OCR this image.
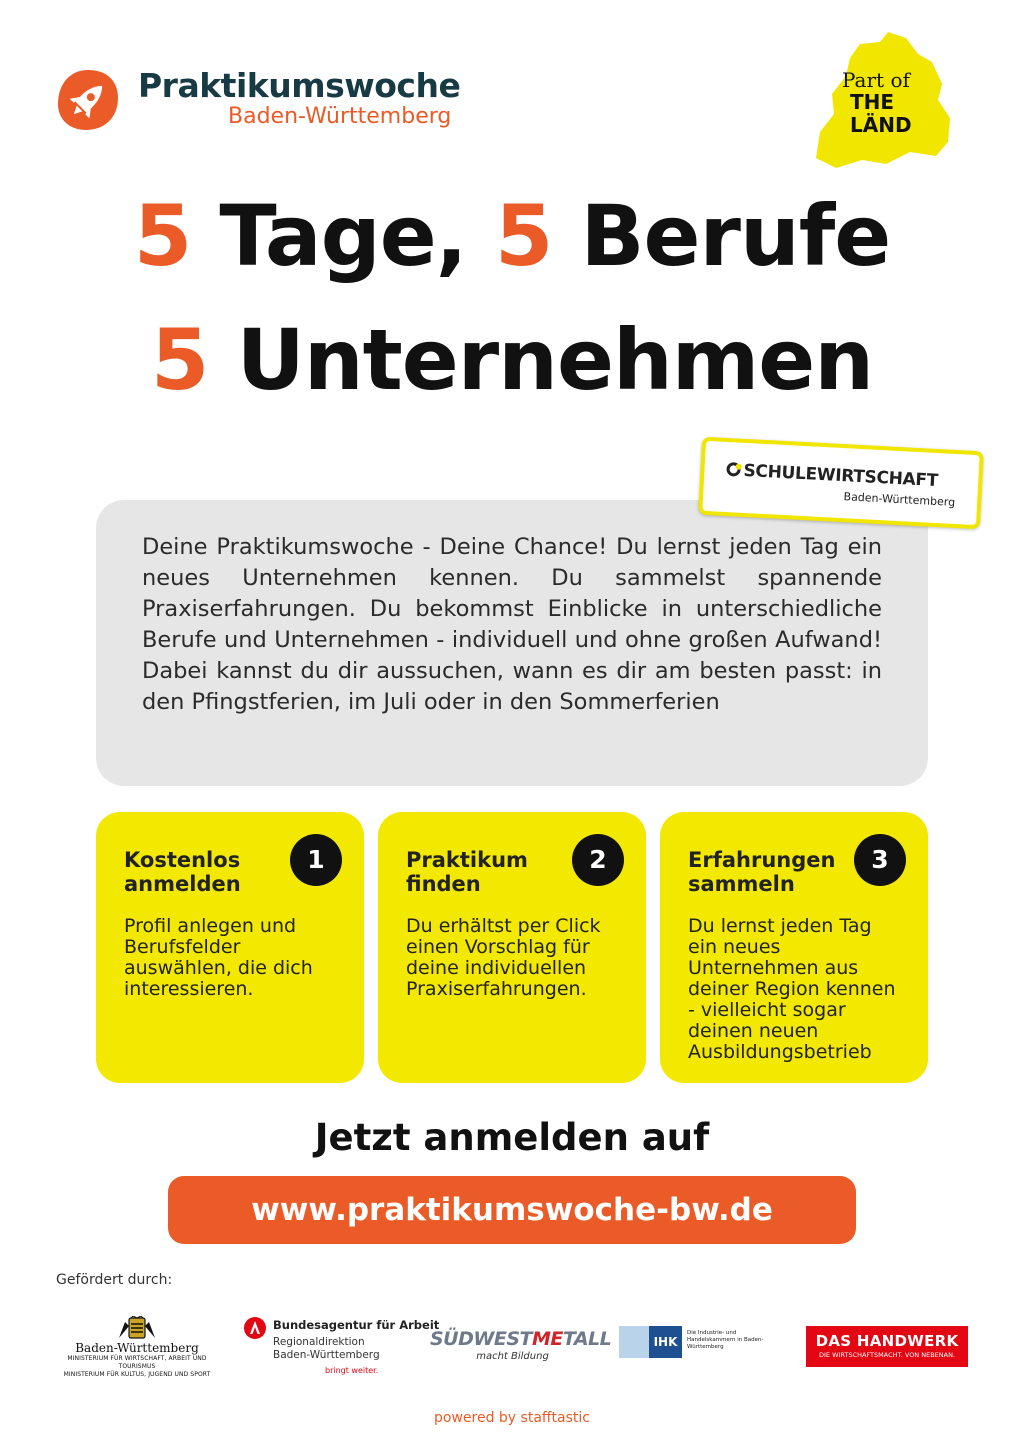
Praktikumswoche
Baden-Württemberg
Part of
THE
LÄND
5 Tage, 5 Berufe
5 Unternehmen

Deine Praktikumswoche - Deine Chance! Du lernst jeden Tag ein neues Unternehmen kennen. Du sammelst spannende Praxiserfahrungen. Du bekommst Einblicke in unterschiedliche Berufe und Unternehmen - individuell und ohne großen Aufwand! Dabei kannst du dir aussuchen, wann es dir am besten passt: in den Pfingstferien, im Juli oder in den Sommerferien

SCHULEWIRTSCHAFT
Baden-Württemberg
1
Kostenlos anmelden
Profil anlegen und Berufsfelder auswählen, die dich interessieren.
2
Praktikum finden
Du erhältst per Click einen Vorschlag für deine individuellen Praxiserfahrungen.
3
Erfahrungen sammeln
Du lernst jeden Tag ein neues Unternehmen aus deiner Region kennen - vielleicht sogar deinen neuen Ausbildungsbetrieb
Jetzt anmelden auf
www.praktikumswoche-bw.de
Gefördert durch:
Baden-Württemberg
MINISTERIUM FÜR WIRTSCHAFT, ARBEIT UND TOURISMUS
MINISTERIUM FÜR KULTUS, JUGEND UND SPORT
Bundesagentur für Arbeit
Regionaldirektion
Baden-Württemberg
bringt weiter.
SÜDWESTMETALL
macht Bildung
IHK
Die Industrie- und Handelskammern in Baden-Württemberg	DAS HANDWERK
DIE WIRTSCHAFTSMACHT. VON NEBENAN.
powered by stafftastic
